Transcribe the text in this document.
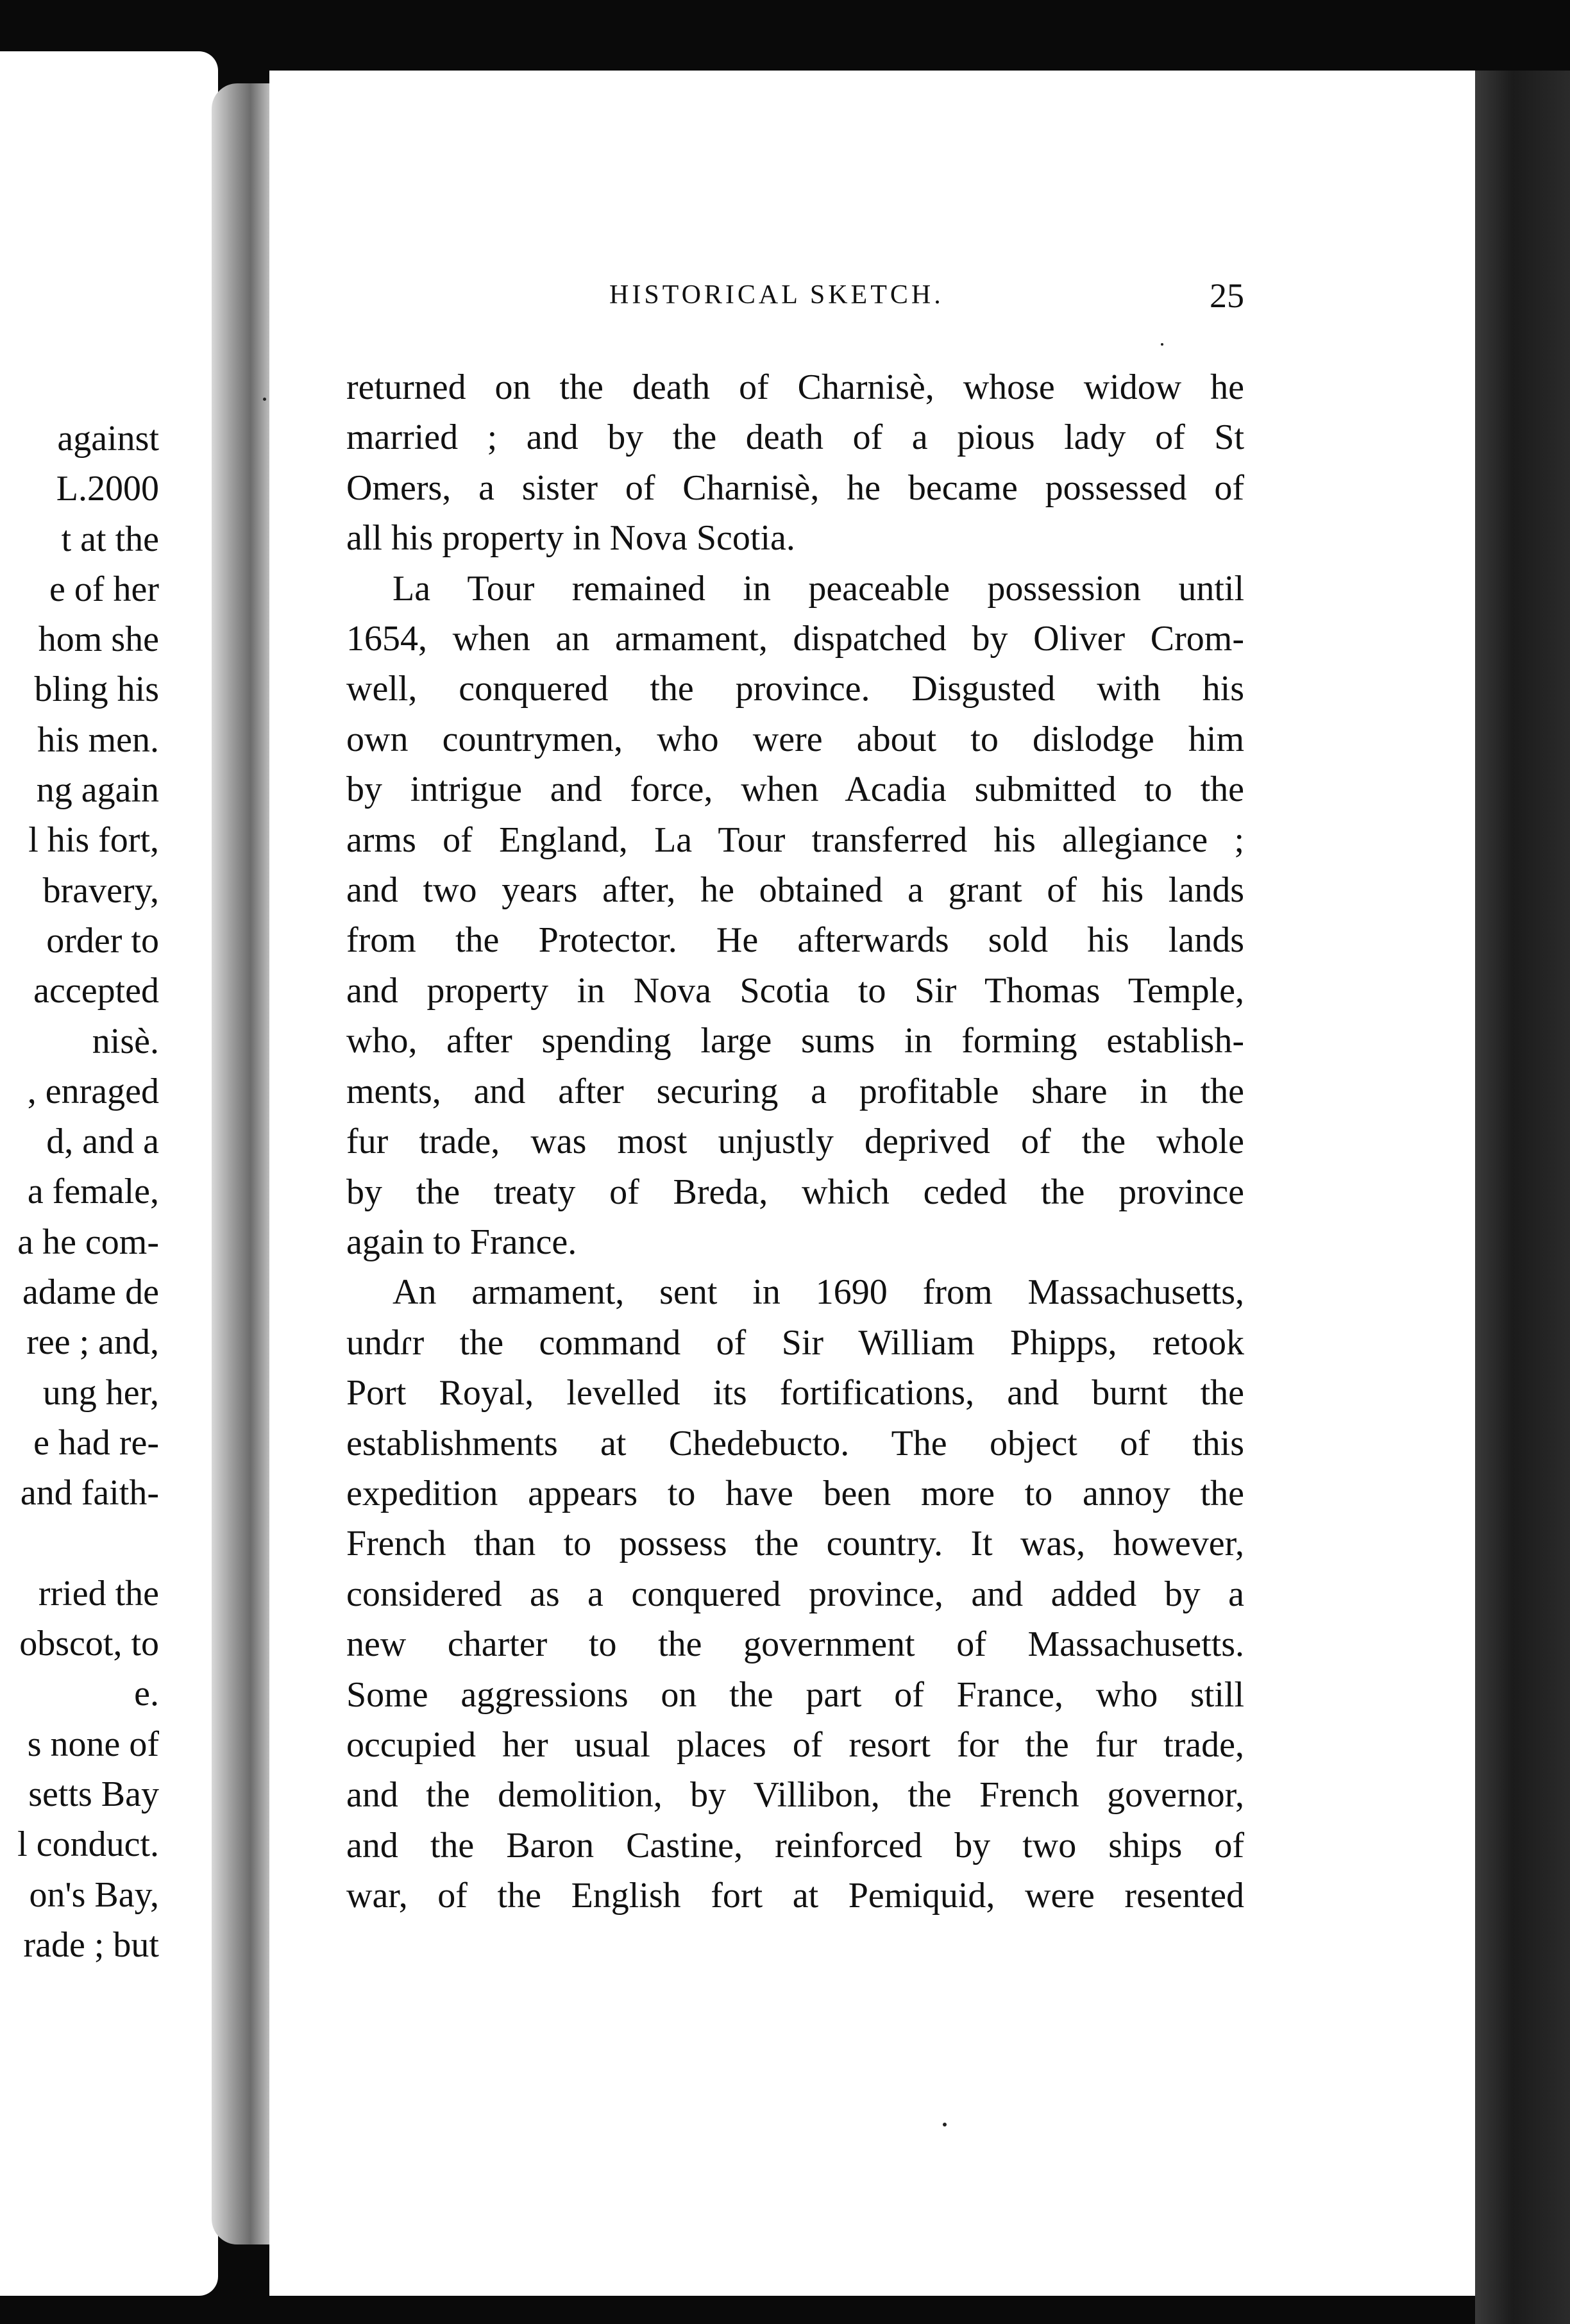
against
L.2000
t at the
e of her
hom she
bling his
his men.
ng again
l his fort,
bravery,
order to
accepted
nisè.
, enraged
d, and a
a female,
a he com-
adame de
ree ; and,
ung her,
e had re-
and faith-
rried the
obscot, to
e.
s none of
setts Bay
l conduct.
on's Bay,
rade ; but
HISTORICAL SKETCH.	25
returned on the death of Charnisè, whose widow he
married ; and by the death of a pious lady of St
Omers, a sister of Charnisè, he became possessed of
all his property in Nova Scotia.
La Tour remained in peaceable possession until
1654, when an armament, dispatched by Oliver Crom-
well, conquered the province. Disgusted with his
own countrymen, who were about to dislodge him
by intrigue and force, when Acadia submitted to the
arms of England, La Tour transferred his allegiance ;
and two years after, he obtained a grant of his lands
from the Protector. He afterwards sold his lands
and property in Nova Scotia to Sir Thomas Temple,
who, after spending large sums in forming establish-
ments, and after securing a profitable share in the
fur trade, was most unjustly deprived of the whole
by the treaty of Breda, which ceded the province
again to France.
An armament, sent in 1690 from Massachusetts,
undɾr the command of Sir William Phipps, retook
Port Royal, levelled its fortifications, and burnt the
establishments at Chedebucto. The object of this
expedition appears to have been more to annoy the
French than to possess the country. It was, however,
considered as a conquered province, and added by a
new charter to the government of Massachusetts.
Some aggressions on the part of France, who still
occupied her usual places of resort for the fur trade,
and the demolition, by Villibon, the French governor,
and the Baron Castine, reinforced by two ships of
war, of the English fort at Pemiquid, were resented
